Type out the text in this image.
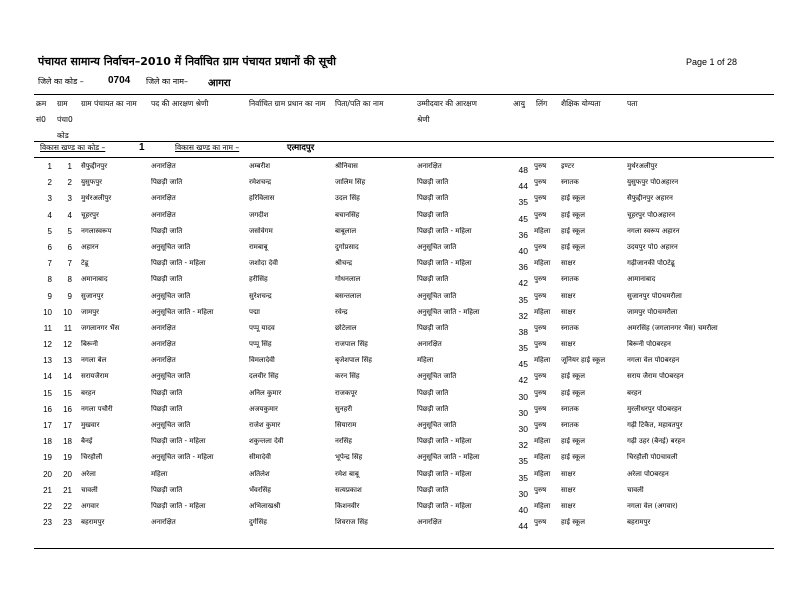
पंचायत सामान्य निर्वाचन–2010 में निर्वाचित ग्राम पंचायत प्रधानों की सूची	Page 1 of 28
जिले का कोड – 0704 जिले का नाम– आगरा
क्रम सं0
ग्राम पंचा0 कोड
ग्राम पंचायत का नाम	पद की आरक्षण श्रेणी	निर्वाचित ग्राम प्रधान का नाम	पिता/पति का नाम	उम्मीदवार की आरक्षण श्रेणी
आयु	लिंग	शैक्षिक योग्यता	पता
विकास खण्ड का कोड –	1	विकास खण्ड का नाम –	एत्मादपुर
1	1 सैफुद्दीनपुर	अनारक्षित	अम्बरीश	श्रीनिवास	अनारक्षित	48 पुरुष	इण्टर	मुर्थरअलीपुर
2	2 युसुफपुर	पिछड़ी जाति	रमेशचन्द्र	जालिम सिंह	पिछड़ी जाति	44 पुरुष	स्नातक	युसुफपुर पो0अहारन
3	3 मुर्थरअलीपुर	अनारक्षित	हरिविलास	उदल सिंह	पिछड़ी जाति	35 पुरुष	हाई स्कूल	सैफुद्दीनपुर अहारन
4	4 चूहरपुर	अनारक्षित	जगदीश	बचानसिंह	पिछड़ी जाति	45 पुरुष	हाई स्कूल	चूहरपुर पो0अहारन
5	5 नगलास्वरूप	पिछड़ी जाति	जसोवेगम	बाबूलाल	पिछड़ी जाति - महिला	36 महिला	हाई स्कूल	नगला स्वरूप अहारन
6	6 अहारन	अनुसूचित जाति	रामबाबू	दुर्गाप्रसाद	अनुसूचित जाति	40 पुरुष	हाई स्कूल	उदयपुर पो0 अहारन
7	7 टेढू	पिछड़ी जाति - महिला	जशोदा देवी	श्रीचन्द्र	पिछड़ी जाति - महिला	36 महिला	साक्षर	गढ़ीजानकी पो0टेढू
8	8 अमानाबाद	पिछड़ी जाति	हरीसिंह	गोधनलाल	पिछड़ी जाति	42 पुरुष	स्नातक	आमानाबाद
9	9 सुजानपुर	अनुसूचित जाति	सुरेशचन्द्र	बसन्तलाल	अनुसूचित जाति	35 पुरुष	साक्षर	सुजानपुर पो0चमरौला
10	10 जामपुर	अनुसूचित जाति - महिला	पद्मा	रवेन्द्र	अनुसूचित जाति - महिला	32 महिला	साक्षर	जामपुर पो0चमरौला
11	11 जगलानगर भैंस	अनारक्षित	पप्पू यादव	छोटेलाल	पिछड़ी जाति	38 पुरुष	स्नातक	अमरसिंह (जगलानगर भैंस) चमरौला
12	12 बिरूनी	अनारक्षित	पप्पू सिंह	राजपाल सिंह	अनारक्षित	35 पुरुष	साक्षर	बिरूनी पो0बरहन
13	13 नगला बेल	अनारक्षित	विमलादेवी	बृजेशपाल सिंह	महिला	45 महिला	जूनियर हाई स्कूल	नगला वेल पो0बरहन
14	14 सरायजैराम	अनुसूचित जाति	दलवीर सिंह	करन सिंह	अनुसूचित जाति	42 पुरुष	हाई स्कूल	सराय जैराम पो0बरहन
15	15 बरहन	पिछड़ी जाति	अनिल कुमार	राजकपूर	पिछड़ी जाति	30 पुरुष	हाई स्कूल	बरहन
16	16 नगला पचौरी	पिछड़ी जाति	अजयकुमार	सुनहरी	पिछड़ी जाति	30 पुरुष	स्नातक	मुरलीधरपुर पो0बरहन
17	17 मुखवार	अनुसूचित जाति	राजेश कुमार	सियाराम	अनुसूचित जाति	30 पुरुष	स्नातक	गढ़ी टिकैत, महावतपुर
18	18 बैनई	पिछड़ी जाति - महिला	शकुन्तला देवी	नरसिंह	पिछड़ी जाति - महिला	32 महिला	हाई स्कूल	गढ़ी उहर (बैनई) बरहन
19	19 चिरहौली	अनुसूचित जाति - महिला	सीमादेवी	भूपेन्द्र सिंह	अनुसूचित जाति - महिला	35 महिला	हाई स्कूल	चिरहौली पो0चावली
20	20 अरेला	महिला	अतिलेश	रमेश बाबू	पिछड़ी जाति - महिला	35 महिला	साक्षर	अरेला पो0बरहन
21	21 चावली	पिछड़ी जाति	भँवरसिंह	सत्यप्रकाश	पिछड़ी जाति	30 पुरुष	साक्षर	चावली
22	22 अगवार	पिछड़ी जाति - महिला	अभिलाखश्री	किशनवीर	पिछड़ी जाति - महिला	40 महिला	साक्षर	नगला वेल (अगवार)
23	23 बहरामपुर	अनारक्षित	दुर्गसिंह	शिवराज सिंह	अनारक्षित	44 पुरुष	हाई स्कूल	बहरामपुर
